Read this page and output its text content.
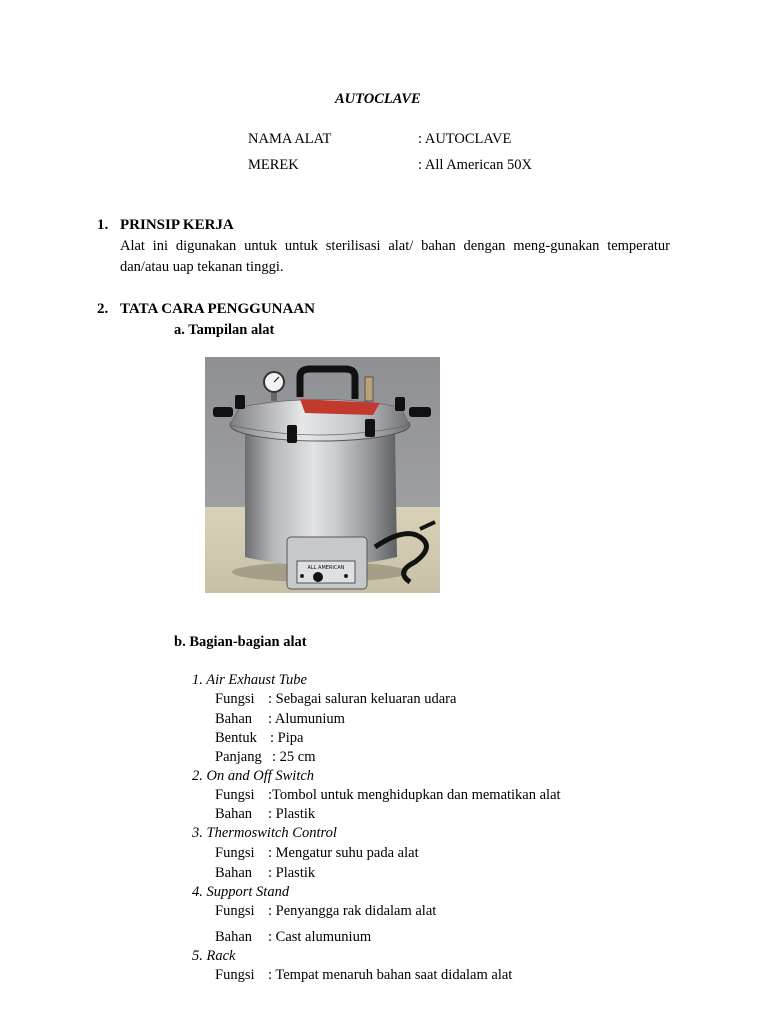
AUTOCLAVE
NAMA ALAT	: AUTOCLAVE
MEREK	: All American 50X
1. PRINSIP KERJA
Alat ini digunakan untuk untuk sterilisasi alat/ bahan dengan meng-gunakan temperatur dan/atau uap tekanan tinggi.
2. TATA CARA PENGGUNAAN
a. Tampilan alat
ALL AMERICAN
b. Bagian-bagian alat
1. Air Exhaust Tube
Fungsi : Sebagai saluran keluaran udara
Bahan : Alumunium
Bentuk : Pipa
Panjang : 25 cm
2. On and Off Switch
Fungsi :Tombol untuk menghidupkan dan mematikan alat
Bahan : Plastik
3. Thermoswitch Control
Fungsi : Mengatur suhu pada alat
Bahan : Plastik
4. Support Stand
Fungsi : Penyangga rak didalam alat
Bahan : Cast alumunium
5. Rack
Fungsi : Tempat menaruh bahan saat didalam alat
